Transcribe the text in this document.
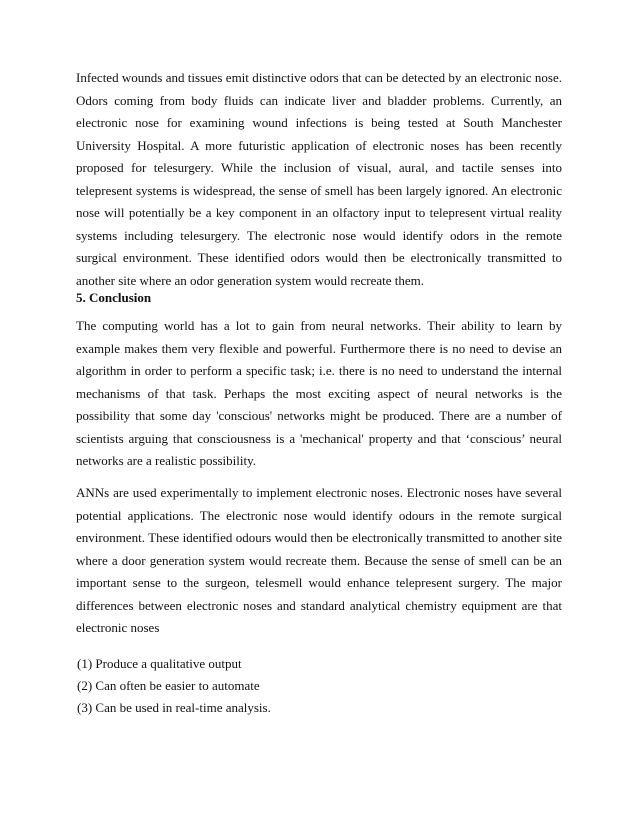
Infected wounds and tissues emit distinctive odors that can be detected by an electronic nose. Odors coming from body fluids can indicate liver and bladder problems. Currently, an electronic nose for examining wound infections is being tested at South Manchester University Hospital. A more futuristic application of electronic noses has been recently proposed for telesurgery. While the inclusion of visual, aural, and tactile senses into telepresent systems is widespread, the sense of smell has been largely ignored. An electronic nose will potentially be a key component in an olfactory input to telepresent virtual reality systems including telesurgery. The electronic nose would identify odors in the remote surgical environment. These identified odors would then be electronically transmitted to another site where an odor generation system would recreate them.

5. Conclusion

The computing world has a lot to gain from neural networks. Their ability to learn by example makes them very flexible and powerful. Furthermore there is no need to devise an algorithm in order to perform a specific task; i.e. there is no need to understand the internal mechanisms of that task. Perhaps the most exciting aspect of neural networks is the possibility that some day 'conscious' networks might be produced. There are a number of scientists arguing that consciousness is a 'mechanical' property and that ‘conscious’ neural networks are a realistic possibility.

ANNs are used experimentally to implement electronic noses. Electronic noses have several potential applications. The electronic nose would identify odours in the remote surgical environment. These identified odours would then be electronically transmitted to another site where a door generation system would recreate them. Because the sense of smell can be an important sense to the surgeon, telesmell would enhance telepresent surgery. The major differences between electronic noses and standard analytical chemistry equipment are that electronic noses

(1) Produce a qualitative output
(2) Can often be easier to automate
(3) Can be used in real-time analysis.
